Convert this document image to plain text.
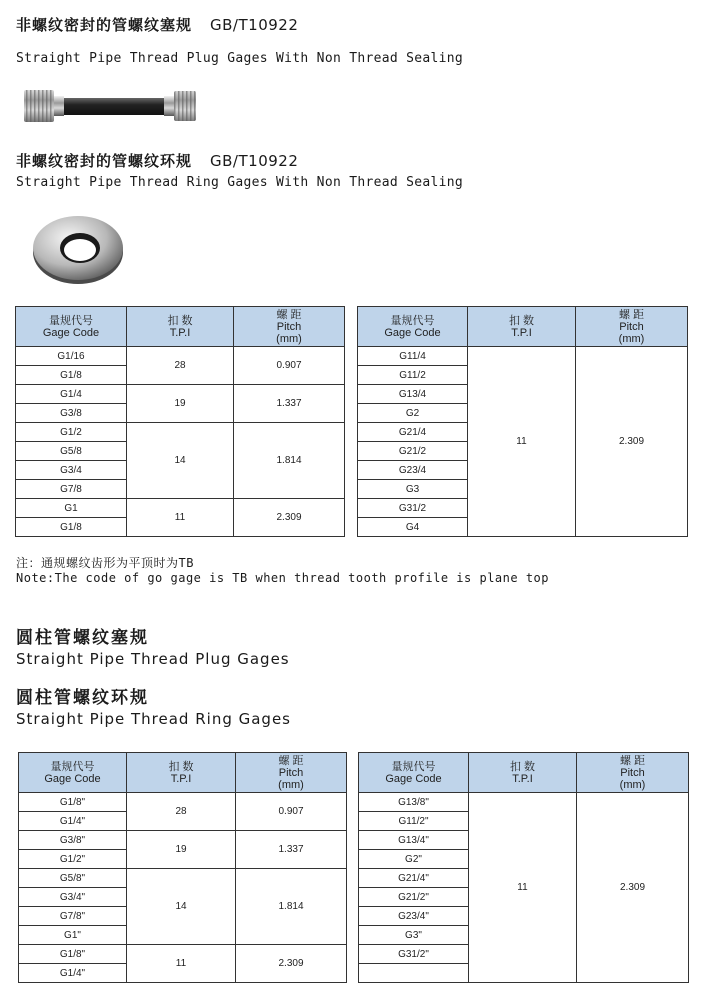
非螺纹密封的管螺纹塞规 GB/T10922
Straight Pipe Thread Plug Gages With Non Thread Sealing
非螺纹密封的管螺纹环规 GB/T10922
Straight Pipe Thread Ring Gages With Non Thread Sealing
量规代号
Gage Code	扣 数
T.P.I	螺 距
Pitch
(mm)

G1/16	28	0.907
G1/8		
G1/4	19	1.337
G3/8		
G1/2	14	1.814
G5/8		
G3/4		
G7/8		
G1	11	2.309
G1/8		
量规代号
Gage Code	扣 数
T.P.I	螺 距
Pitch
(mm)

G11/4	11	2.309
G11/2		
G13/4		
G2		
G21/4		
G21/2		
G23/4		
G3		
G31/2		
G4		
注：通规螺纹齿形为平顶时为TB
Note:The code of go gage is TB when thread tooth profile is plane top
圆柱管螺纹塞规
Straight Pipe Thread Plug Gages
圆柱管螺纹环规
Straight Pipe Thread Ring Gages
量规代号
Gage Code	扣 数
T.P.I	螺 距
Pitch
(mm)

G1/8"	28	0.907
G1/4"		
G3/8"	19	1.337
G1/2"		
G5/8"	14	1.814
G3/4"		
G7/8"		
G1"		
G1/8"	11	2.309
G1/4"		
量规代号
Gage Code	扣 数
T.P.I	螺 距
Pitch
(mm)

G13/8"	11	2.309
G11/2"		
G13/4"		
G2"		
G21/4"		
G21/2"		
G23/4"		
G3"		
G31/2"		
